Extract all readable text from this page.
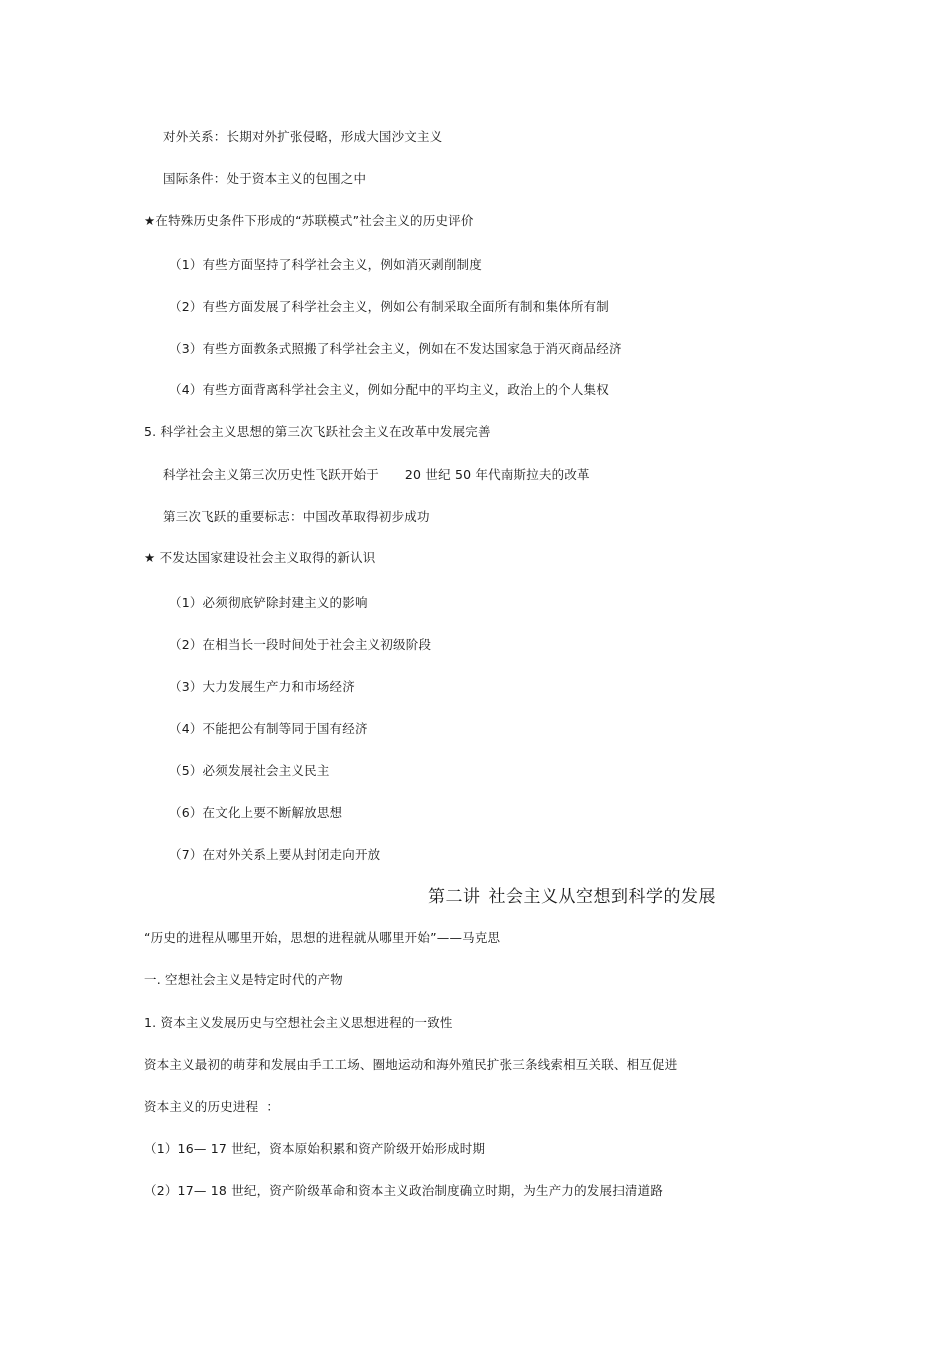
对外关系：长期对外扩张侵略，形成大国沙文主义
国际条件：处于资本主义的包围之中
★在特殊历史条件下形成的“苏联模式”社会主义的历史评价
（1）有些方面坚持了科学社会主义，例如消灭剥削制度
（2）有些方面发展了科学社会主义，例如公有制采取全面所有制和集体所有制
（3）有些方面教条式照搬了科学社会主义，例如在不发达国家急于消灭商品经济
（4）有些方面背离科学社会主义，例如分配中的平均主义，政治上的个人集权
5. 科学社会主义思想的第三次飞跃社会主义在改革中发展完善
科学社会主义第三次历史性飞跃开始于 20 世纪 50 年代南斯拉夫的改革
第三次飞跃的重要标志：中国改革取得初步成功
★ 不发达国家建设社会主义取得的新认识
（1）必须彻底铲除封建主义的影响
（2）在相当长一段时间处于社会主义初级阶段
（3）大力发展生产力和市场经济
（4）不能把公有制等同于国有经济
（5）必须发展社会主义民主
（6）在文化上要不断解放思想
（7）在对外关系上要从封闭走向开放
第二讲 社会主义从空想到科学的发展
“历史的进程从哪里开始，思想的进程就从哪里开始”——马克思
一. 空想社会主义是特定时代的产物
1. 资本主义发展历史与空想社会主义思想进程的一致性
资本主义最初的萌芽和发展由手工工场、圈地运动和海外殖民扩张三条线索相互关联、相互促进
资本主义的历史进程 ：
（1）16— 17 世纪，资本原始积累和资产阶级开始形成时期
（2）17— 18 世纪，资产阶级革命和资本主义政治制度确立时期，为生产力的发展扫清道路
